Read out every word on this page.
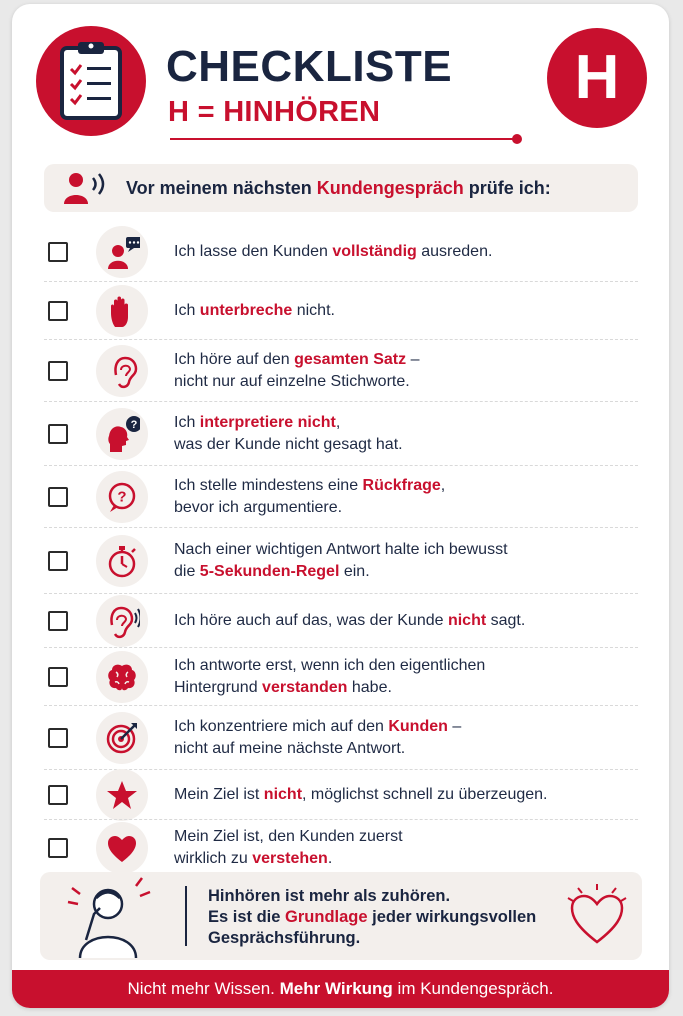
CHECKLISTE
H = HINHÖREN	H
Vor meinem nächsten Kundengespräch prüfe ich:
Ich lasse den Kunden vollständig ausreden.
Ich unterbreche nicht.
Ich höre auf den gesamten Satz –
nicht nur auf einzelne Stichworte.
? Ich interpretiere nicht,
was der Kunde nicht gesagt hat.
?
Ich stelle mindestens eine Rückfrage,
bevor ich argumentiere.
Nach einer wichtigen Antwort halte ich bewusst
die 5-Sekunden-Regel ein.
Ich höre auch auf das, was der Kunde nicht sagt.
Ich antworte erst, wenn ich den eigentlichen
Hintergrund verstanden habe.
Ich konzentriere mich auf den Kunden –
nicht auf meine nächste Antwort.
Mein Ziel ist nicht, möglichst schnell zu überzeugen.
Mein Ziel ist, den Kunden zuerst
wirklich zu verstehen.
Hinhören ist mehr als zuhören.
Es ist die Grundlage jeder wirkungsvollen
Gesprächsführung.
Nicht mehr Wissen. Mehr Wirkung im Kundengespräch.
